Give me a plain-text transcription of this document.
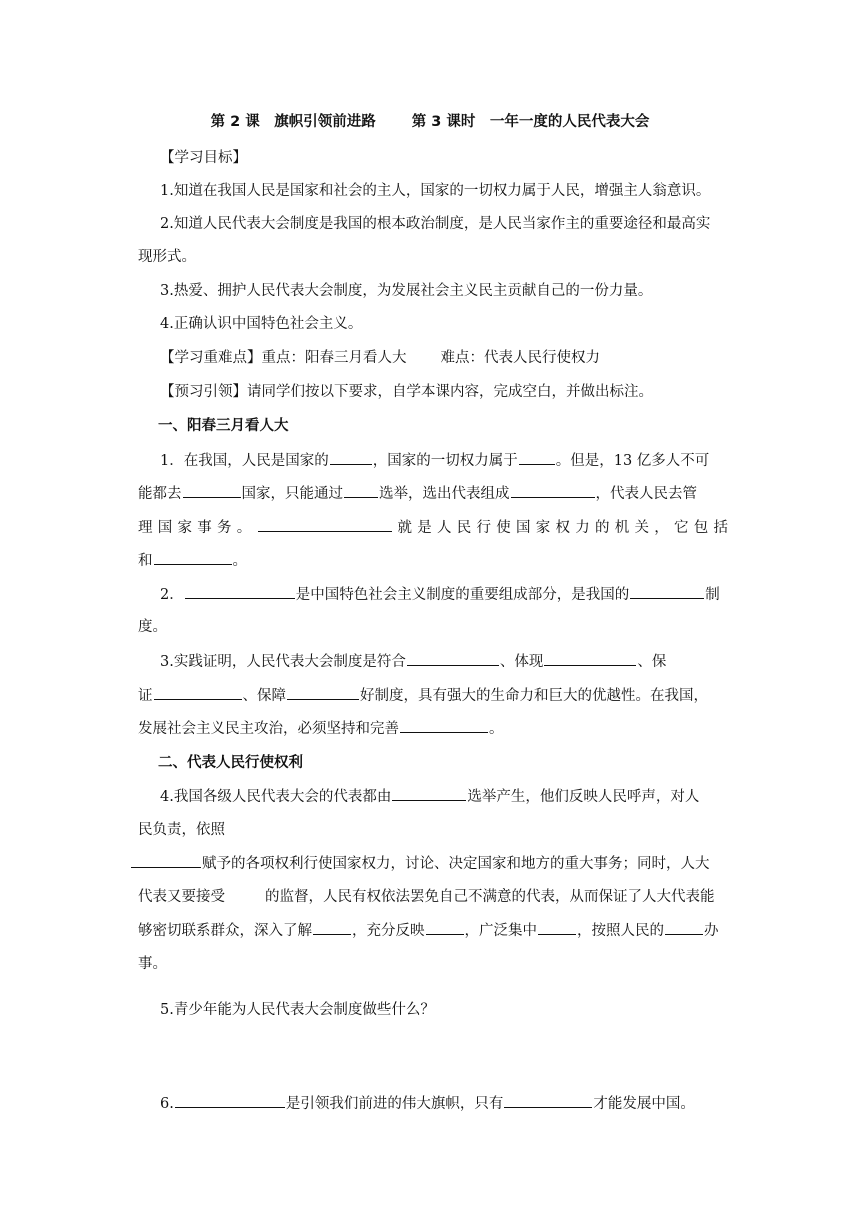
第 2 课　旗帜引领前进路 第 3 课时　一年一度的人民代表大会
【学习目标】
1.知道在我国人民是国家和社会的主人，国家的一切权力属于人民，增强主人翁意识。
2.知道人民代表大会制度是我国的根本政治制度，是人民当家作主的重要途径和最高实
现形式。
3.热爱、拥护人民代表大会制度，为发展社会主义民主贡献自己的一份力量。
4.正确认识中国特色社会主义。
【学习重难点】重点：阳春三月看人大 难点：代表人民行使权力
【预习引领】请同学们按以下要求，自学本课内容，完成空白，并做出标注。
一、阳春三月看人大
1．在我国，人民是国家的	，国家的一切权力属于	。但是，13 亿多人不可
能都去	国家，只能通过 选举，选出代表组成	，代表人民去管
理 国 家 事 务 。	就 是 人 民 行 使 国 家 权 力 的 机 关 ， 它 包 括
和	。
2．	是中国特色社会主义制度的重要组成部分，是我国的	制
度。
3.实践证明，人民代表大会制度是符合	、体现	、保
证	、保障	好制度，具有强大的生命力和巨大的优越性。在我国，
发展社会主义民主攻治，必须坚持和完善	。
二、代表人民行使权利
4.我国各级人民代表大会的代表都由	选举产生，他们反映人民呼声，对人
民负责，依照
赋予的各项权利行使国家权力，讨论、决定国家和地方的重大事务；同时，人大
代表又要接受	的监督，人民有权依法罢免自己不满意的代表，从而保证了人大代表能
够密切联系群众，深入了解	，充分反映	，广泛集中	，按照人民的	办
事。
5.青少年能为人民代表大会制度做些什么？
6.	是引领我们前进的伟大旗帜，只有	才能发展中国。
